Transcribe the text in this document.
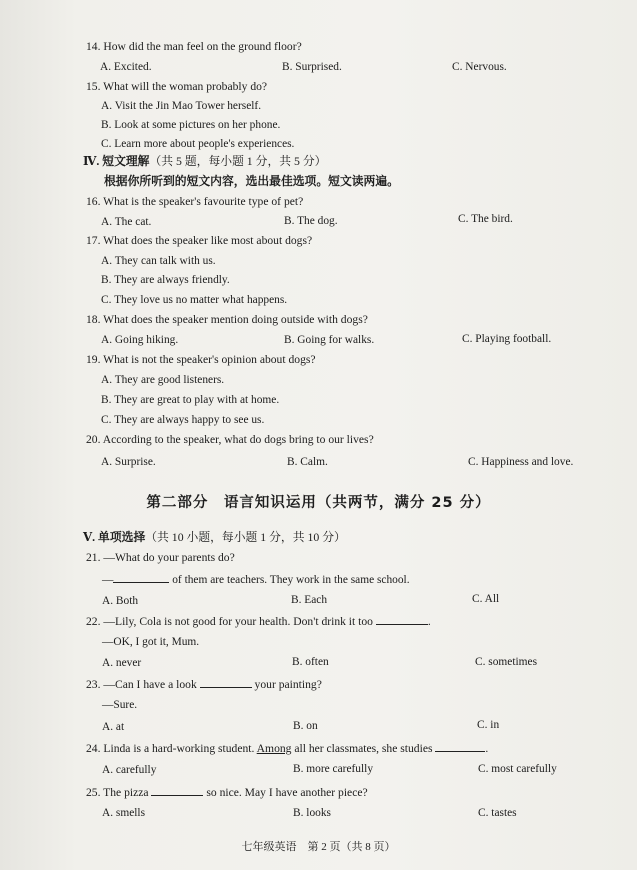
14. How did the man feel on the ground floor?
A. Excited.	B. Surprised.	C. Nervous.
15. What will the woman probably do?
A. Visit the Jin Mao Tower herself.
B. Look at some pictures on her phone.
C. Learn more about people's experiences.
Ⅳ. 短文理解（共 5 题，每小题 1 分，共 5 分）
根据你所听到的短文内容，选出最佳选项。短文读两遍。
16. What is the speaker's favourite type of pet?
A. The cat.	B. The dog.	C. The bird.
17. What does the speaker like most about dogs?
A. They can talk with us.
B. They are always friendly.
C. They love us no matter what happens.
18. What does the speaker mention doing outside with dogs?
A. Going hiking.	B. Going for walks.	C. Playing football.
19. What is not the speaker's opinion about dogs?
A. They are good listeners.
B. They are great to play with at home.
C. They are always happy to see us.
20. According to the speaker, what do dogs bring to our lives?
A. Surprise.	B. Calm.	C. Happiness and love.
第二部分　语言知识运用（共两节，满分 25 分）
Ⅴ. 单项选择（共 10 小题，每小题 1 分，共 10 分）
21. —What do your parents do?
—	of them are teachers. They work in the same school.
A. Both	B. Each	C. All
22. —Lily, Cola is not good for your health. Don't drink it too	.
—OK, I got it, Mum.
A. never	B. often	C. sometimes
23. —Can I have a look	your painting?
—Sure.
A. at	B. on	C. in
24. Linda is a hard-working student. Among all her classmates, she studies	.
A. carefully	B. more carefully	C. most carefully
25. The pizza	so nice. May I have another piece?
A. smells	B. looks	C. tastes
七年级英语　第 2 页（共 8 页）
